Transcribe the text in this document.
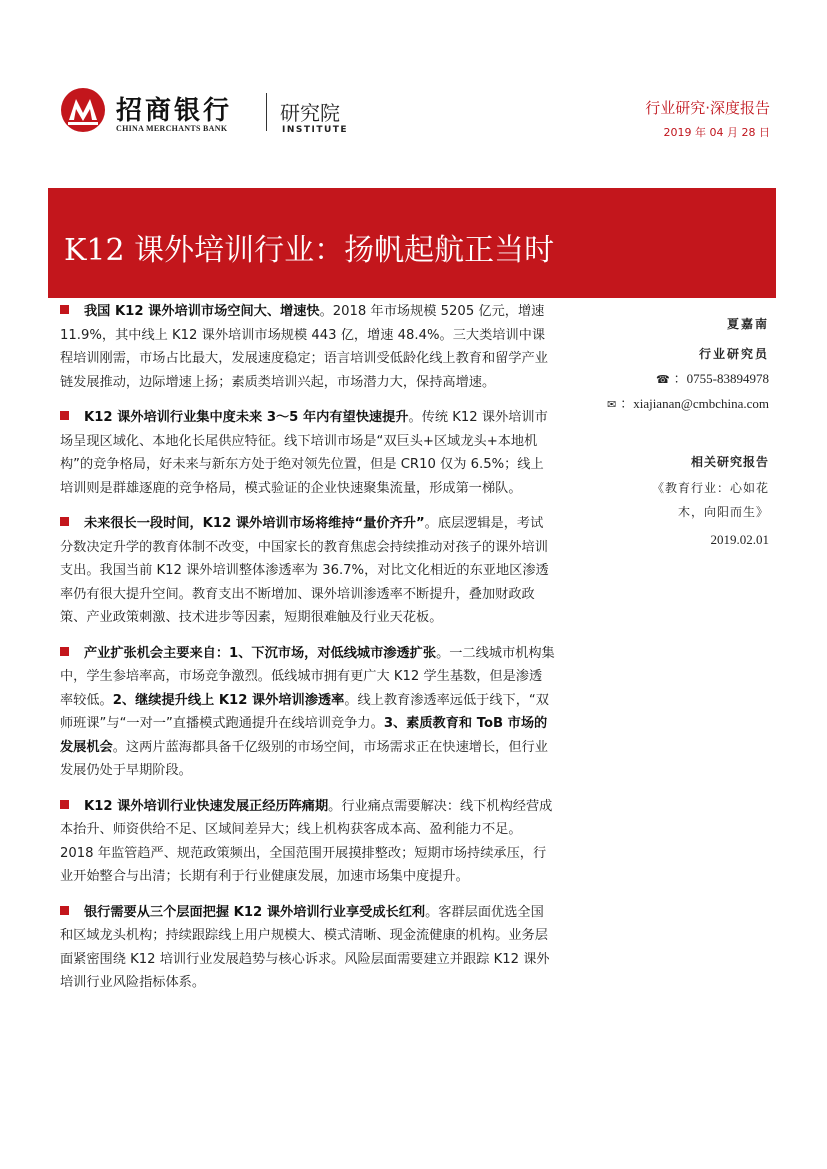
招商银行
CHINA MERCHANTS BANK
研究院
INSTITUTE
行业研究·深度报告
2019 年 04 月 28 日
K12 课外培训行业：扬帆起航正当时

我国 K12 课外培训市场空间大、增速快。2018 年市场规模 5205 亿元，增速 11.9%，其中线上 K12 课外培训市场规模 443 亿，增速 48.4%。三大类培训中课程培训刚需，市场占比最大，发展速度稳定；语言培训受低龄化线上教育和留学产业链发展推动，边际增速上扬；素质类培训兴起，市场潜力大，保持高增速。

K12 课外培训行业集中度未来 3～5 年内有望快速提升。传统 K12 课外培训市场呈现区域化、本地化长尾供应特征。线下培训市场是“双巨头+区域龙头+本地机构”的竞争格局，好未来与新东方处于绝对领先位置，但是 CR10 仅为 6.5%；线上培训则是群雄逐鹿的竞争格局，模式验证的企业快速聚集流量，形成第一梯队。

未来很长一段时间，K12 课外培训市场将维持“量价齐升”。底层逻辑是，考试分数决定升学的教育体制不改变，中国家长的教育焦虑会持续推动对孩子的课外培训支出。我国当前 K12 课外培训整体渗透率为 36.7%，对比文化相近的东亚地区渗透率仍有很大提升空间。教育支出不断增加、课外培训渗透率不断提升，叠加财政政策、产业政策刺激、技术进步等因素，短期很难触及行业天花板。

产业扩张机会主要来自：1、下沉市场，对低线城市渗透扩张。一二线城市机构集中，学生参培率高，市场竞争激烈。低线城市拥有更广大 K12 学生基数，但是渗透率较低。2、继续提升线上 K12 课外培训渗透率。线上教育渗透率远低于线下，“双师班课”与“一对一”直播模式跑通提升在线培训竞争力。3、素质教育和 ToB 市场的发展机会。这两片蓝海都具备千亿级别的市场空间，市场需求正在快速增长，但行业发展仍处于早期阶段。

K12 课外培训行业快速发展正经历阵痛期。行业痛点需要解决：线下机构经营成本抬升、师资供给不足、区域间差异大；线上机构获客成本高、盈利能力不足。2018 年监管趋严、规范政策频出，全国范围开展摸排整改；短期市场持续承压，行业开始整合与出清；长期有利于行业健康发展，加速市场集中度提升。

银行需要从三个层面把握 K12 课外培训行业享受成长红利。客群层面优选全国和区域龙头机构；持续跟踪线上用户规模大、模式清晰、现金流健康的机构。业务层面紧密围绕 K12 培训行业发展趋势与核心诉求。风险层面需要建立并跟踪 K12 课外培训行业风险指标体系。

夏嘉南
行业研究员
☎ ：0755-83894978
✉ ：xiajianan@cmbchina.com
相关研究报告
《教育行业：心如花
木，向阳而生》
2019.02.01
